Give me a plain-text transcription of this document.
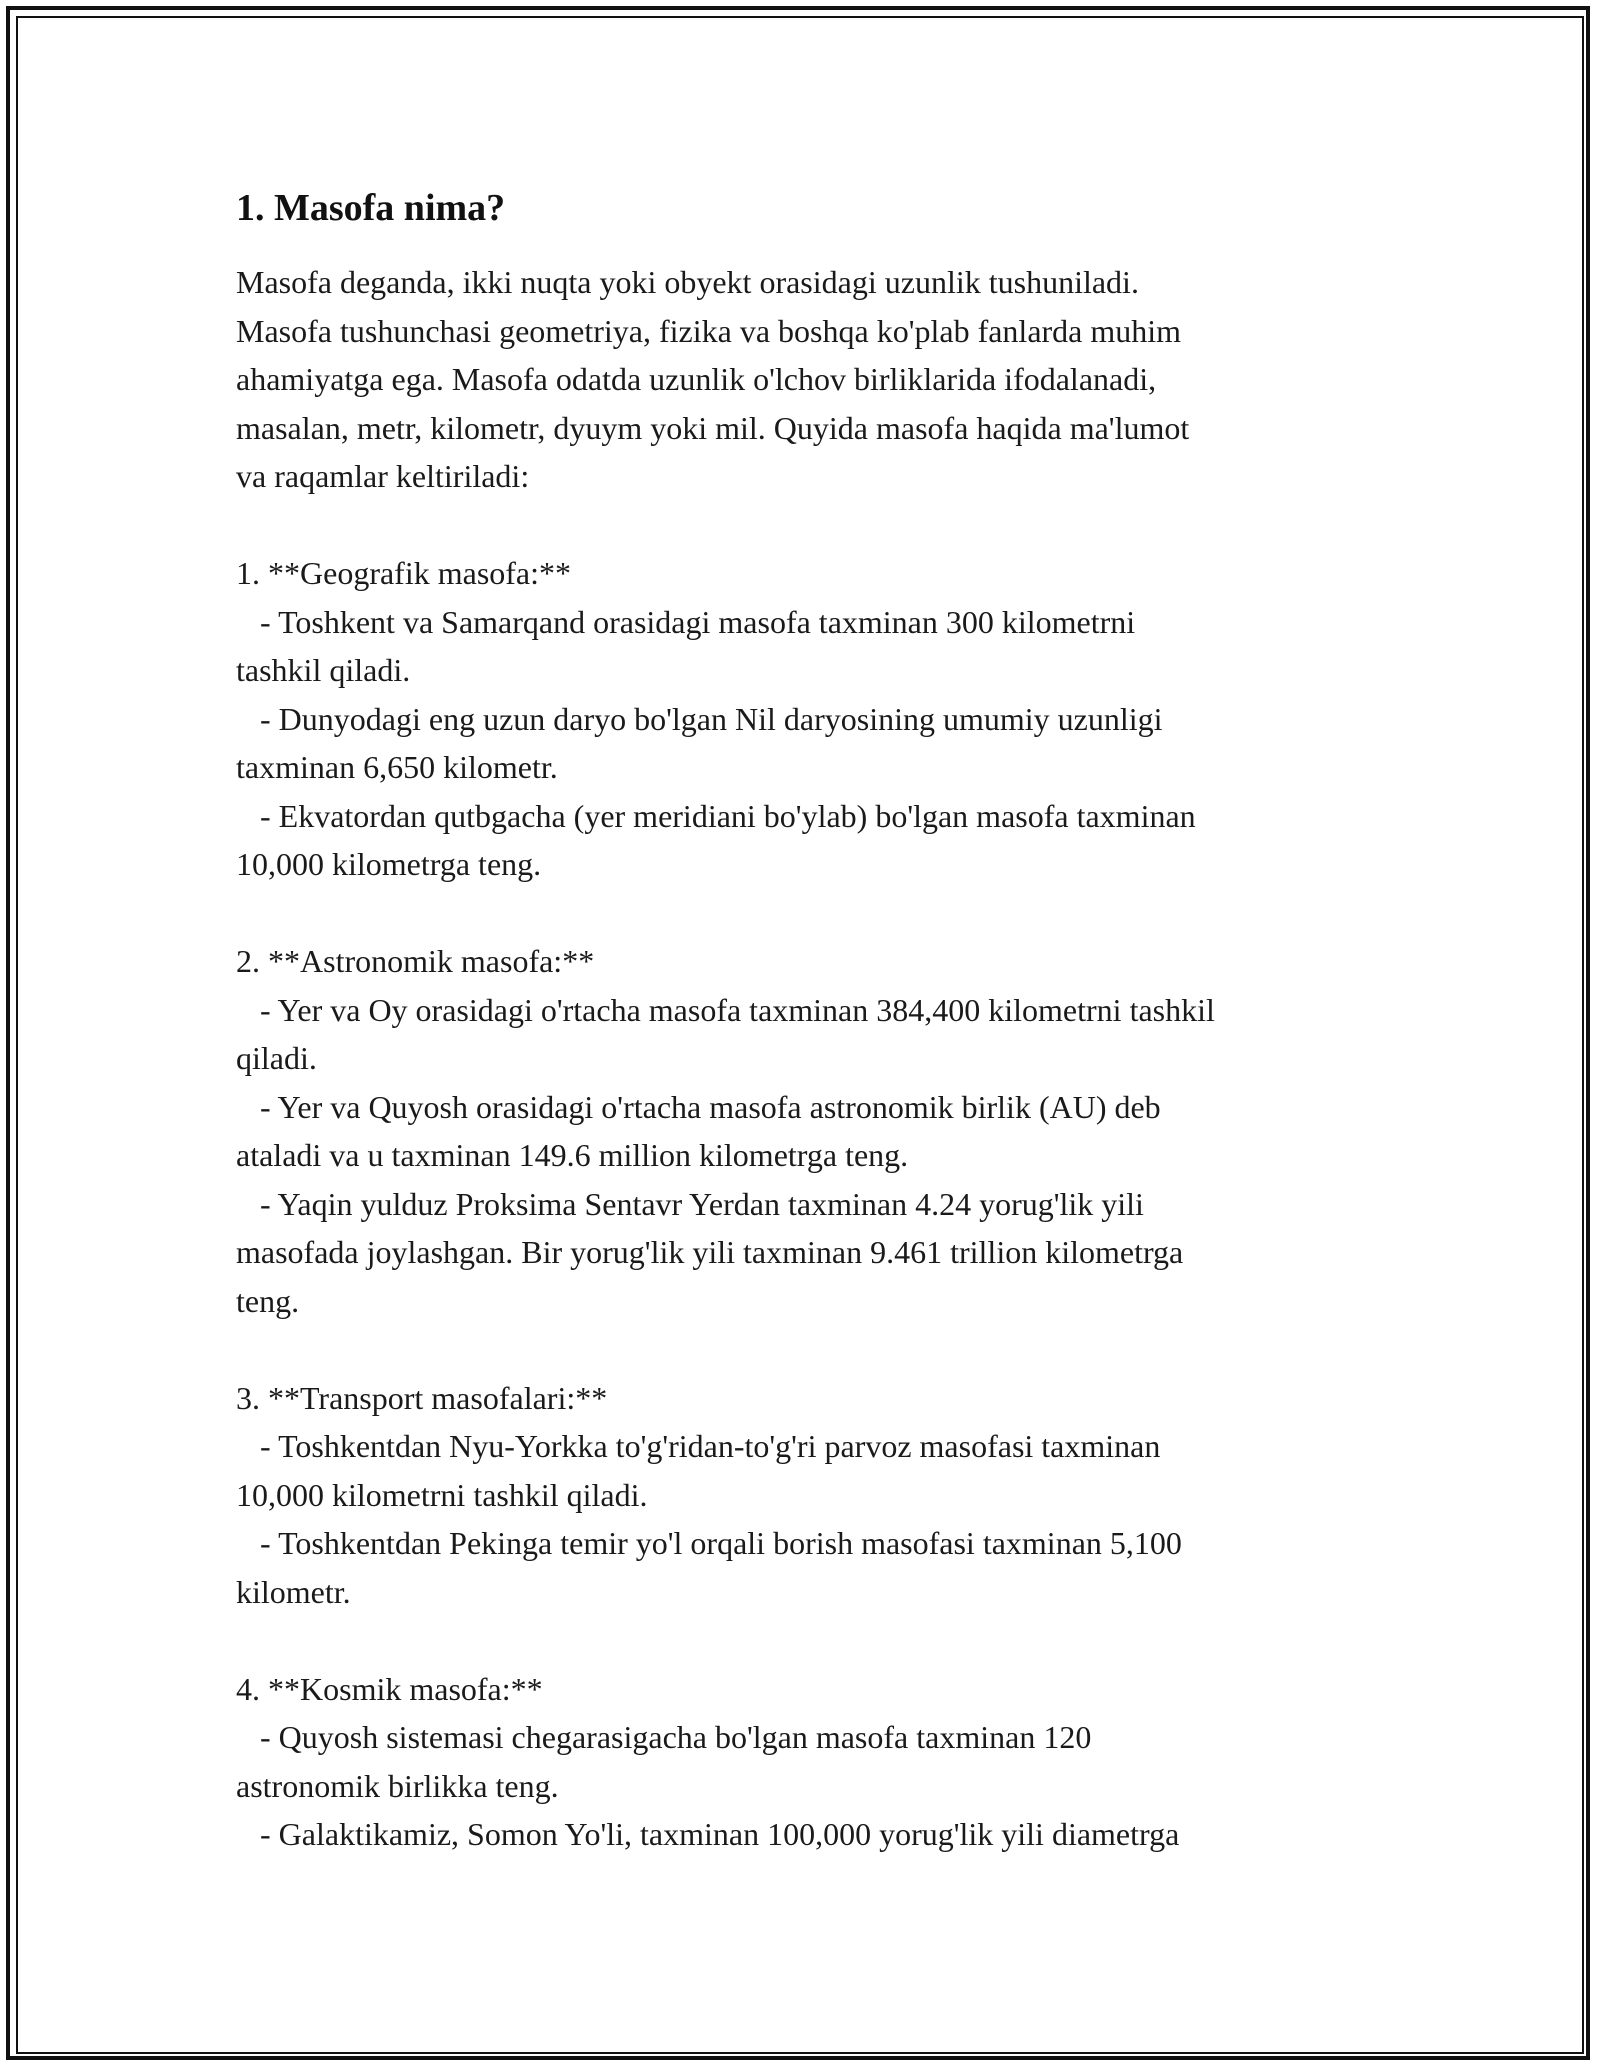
1. Masofa nima?

Masofa deganda, ikki nuqta yoki obyekt orasidagi uzunlik tushuniladi.
Masofa tushunchasi geometriya, fizika va boshqa ko'plab fanlarda muhim
ahamiyatga ega. Masofa odatda uzunlik o'lchov birliklarida ifodalanadi,
masalan, metr, kilometr, dyuym yoki mil. Quyida masofa haqida ma'lumot
va raqamlar keltiriladi:

1. **Geografik masofa:**
- Toshkent va Samarqand orasidagi masofa taxminan 300 kilometrni
tashkil qiladi.
- Dunyodagi eng uzun daryo bo'lgan Nil daryosining umumiy uzunligi
taxminan 6,650 kilometr.
- Ekvatordan qutbgacha (yer meridiani bo'ylab) bo'lgan masofa taxminan
10,000 kilometrga teng.

2. **Astronomik masofa:**
- Yer va Oy orasidagi o'rtacha masofa taxminan 384,400 kilometrni tashkil
qiladi.
- Yer va Quyosh orasidagi o'rtacha masofa astronomik birlik (AU) deb
ataladi va u taxminan 149.6 million kilometrga teng.
- Yaqin yulduz Proksima Sentavr Yerdan taxminan 4.24 yorug'lik yili
masofada joylashgan. Bir yorug'lik yili taxminan 9.461 trillion kilometrga
teng.

3. **Transport masofalari:**
- Toshkentdan Nyu-Yorkka to'g'ridan-to'g'ri parvoz masofasi taxminan
10,000 kilometrni tashkil qiladi.
- Toshkentdan Pekinga temir yo'l orqali borish masofasi taxminan 5,100
kilometr.

4. **Kosmik masofa:**
- Quyosh sistemasi chegarasigacha bo'lgan masofa taxminan 120
astronomik birlikka teng.
- Galaktikamiz, Somon Yo'li, taxminan 100,000 yorug'lik yili diametrga
